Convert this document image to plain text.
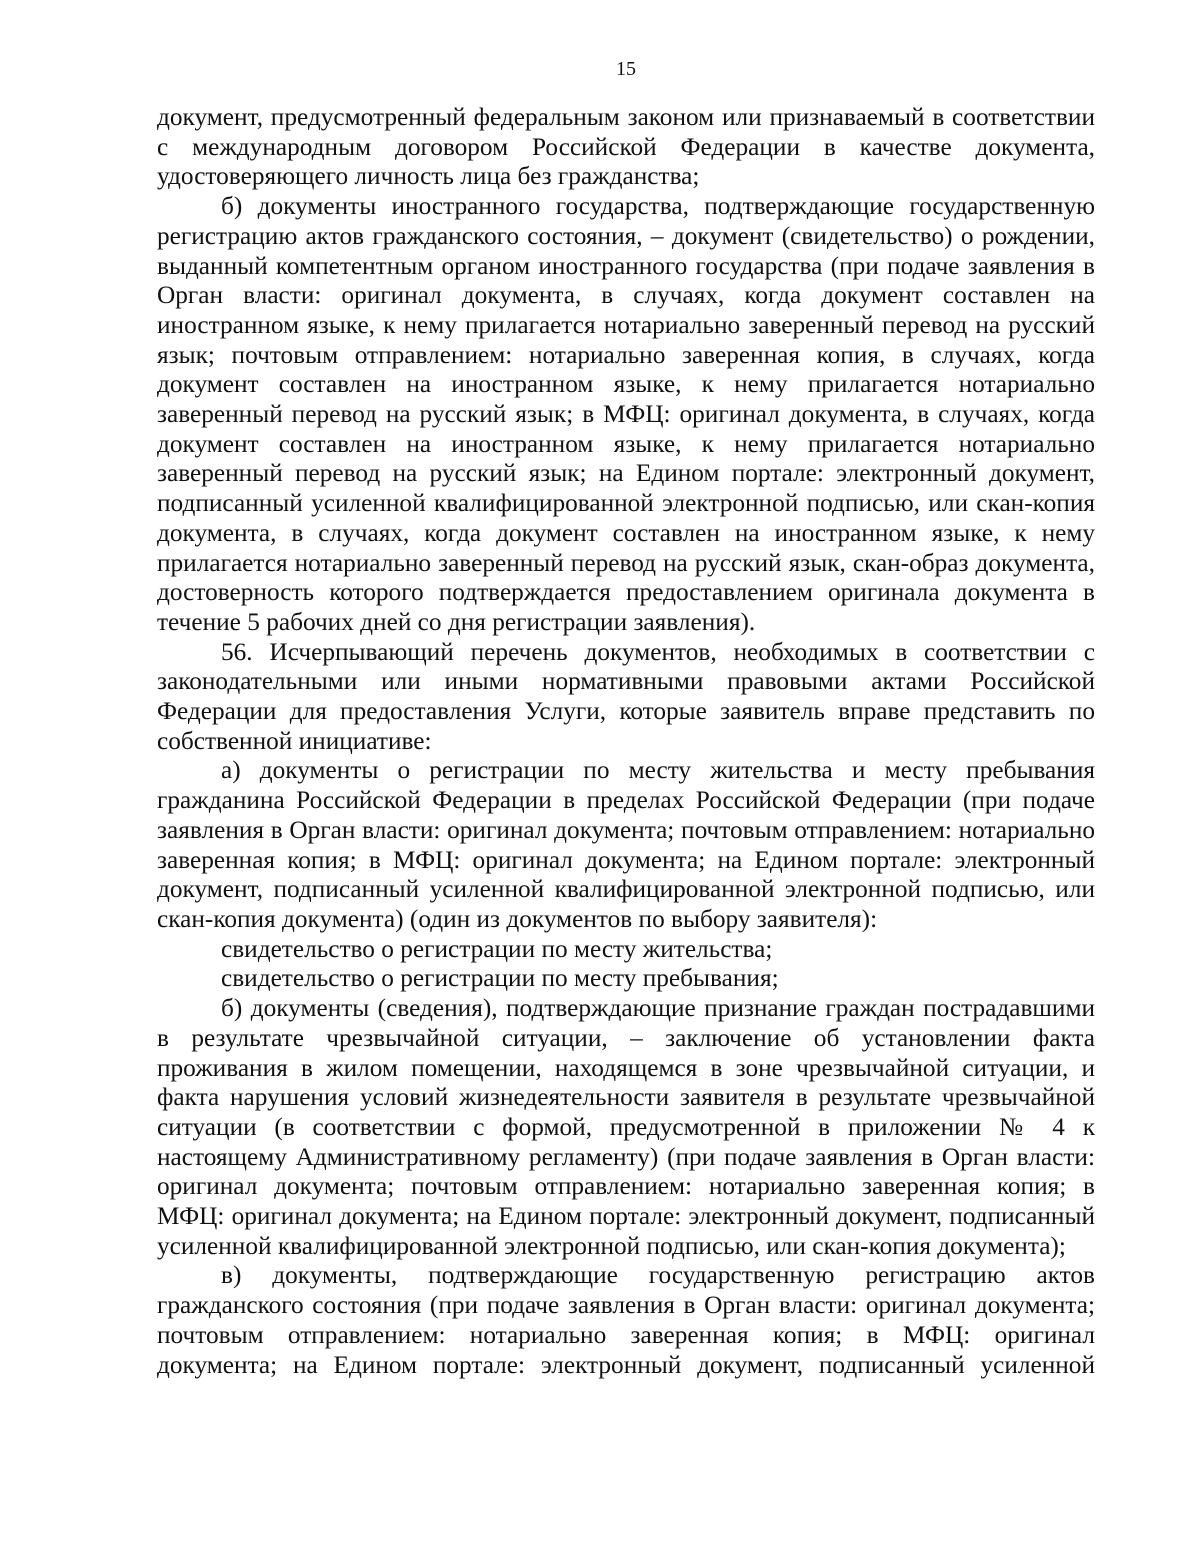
15

документ, предусмотренный федеральным законом или признаваемый в соответствии с международным договором Российской Федерации в качестве документа, удостоверяющего личность лица без гражданства;

б) документы иностранного государства, подтверждающие государственную регистрацию актов гражданского состояния, – документ (свидетельство) о рождении, выданный компетентным органом иностранного государства (при подаче заявления в Орган власти: оригинал документа, в случаях, когда документ составлен на иностранном языке, к нему прилагается нотариально заверенный перевод на русский язык; почтовым отправлением: нотариально заверенная копия, в случаях, когда документ составлен на иностранном языке, к нему прилагается нотариально заверенный перевод на русский язык; в МФЦ: оригинал документа, в случаях, когда документ составлен на иностранном языке, к нему прилагается нотариально заверенный перевод на русский язык; на Едином портале: электронный документ, подписанный усиленной квалифицированной электронной подписью, или скан-копия документа, в случаях, когда документ составлен на иностранном языке, к нему прилагается нотариально заверенный перевод на русский язык, скан-образ документа, достоверность которого подтверждается предоставлением оригинала документа в течение 5 рабочих дней со дня регистрации заявления).

56. Исчерпывающий перечень документов, необходимых в соответствии с законодательными или иными нормативными правовыми актами Российской Федерации для предоставления Услуги, которые заявитель вправе представить по собственной инициативе:

а) документы о регистрации по месту жительства и месту пребывания гражданина Российской Федерации в пределах Российской Федерации (при подаче заявления в Орган власти: оригинал документа; почтовым отправлением: нотариально заверенная копия; в МФЦ: оригинал документа; на Едином портале: электронный документ, подписанный усиленной квалифицированной электронной подписью, или скан-копия документа) (один из документов по выбору заявителя):

свидетельство о регистрации по месту жительства;

свидетельство о регистрации по месту пребывания;

б) документы (сведения), подтверждающие признание граждан пострадавшими в результате чрезвычайной ситуации, – заключение об установлении факта проживания в жилом помещении, находящемся в зоне чрезвычайной ситуации, и факта нарушения условий жизнедеятельности заявителя в результате чрезвычайной ситуации (в соответствии с формой, предусмотренной в приложении № 4 к настоящему Административному регламенту) (при подаче заявления в Орган власти: оригинал документа; почтовым отправлением: нотариально заверенная копия; в МФЦ: оригинал документа; на Едином портале: электронный документ, подписанный усиленной квалифицированной электронной подписью, или скан-копия документа);

в) документы, подтверждающие государственную регистрацию актов гражданского состояния (при подаче заявления в Орган власти: оригинал документа; почтовым отправлением: нотариально заверенная копия; в МФЦ: оригинал документа; на Едином портале: электронный документ, подписанный усиленной
